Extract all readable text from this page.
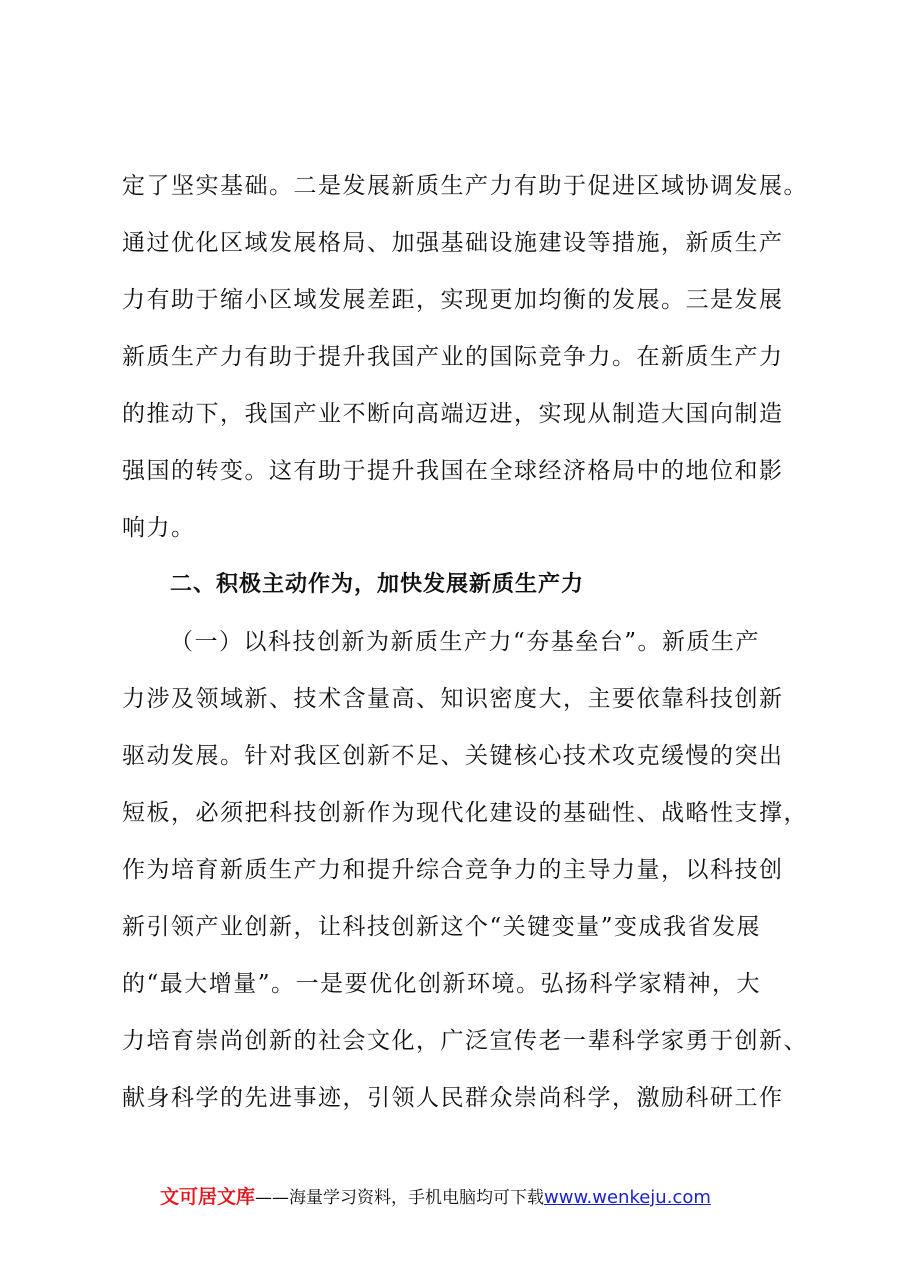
定了坚实基础。二是发展新质生产力有助于促进区域协调发展。
通过优化区域发展格局、加强基础设施建设等措施，新质生产
力有助于缩小区域发展差距，实现更加均衡的发展。三是发展
新质生产力有助于提升我国产业的国际竞争力。在新质生产力
的推动下，我国产业不断向高端迈进，实现从制造大国向制造
强国的转变。这有助于提升我国在全球经济格局中的地位和影
响力。
二、积极主动作为，加快发展新质生产力
（一）以科技创新为新质生产力“夯基垒台”。新质生产
力涉及领域新、技术含量高、知识密度大，主要依靠科技创新
驱动发展。针对我区创新不足、关键核心技术攻克缓慢的突出
短板，必须把科技创新作为现代化建设的基础性、战略性支撑，
作为培育新质生产力和提升综合竞争力的主导力量，以科技创
新引领产业创新，让科技创新这个“关键变量”变成我省发展
的“最大增量”。一是要优化创新环境。弘扬科学家精神，大
力培育崇尚创新的社会文化，广泛宣传老一辈科学家勇于创新、
献身科学的先进事迹，引领人民群众崇尚科学，激励科研工作
文可居文库——海量学习资料，手机电脑均可下载www.wenkeju.com
